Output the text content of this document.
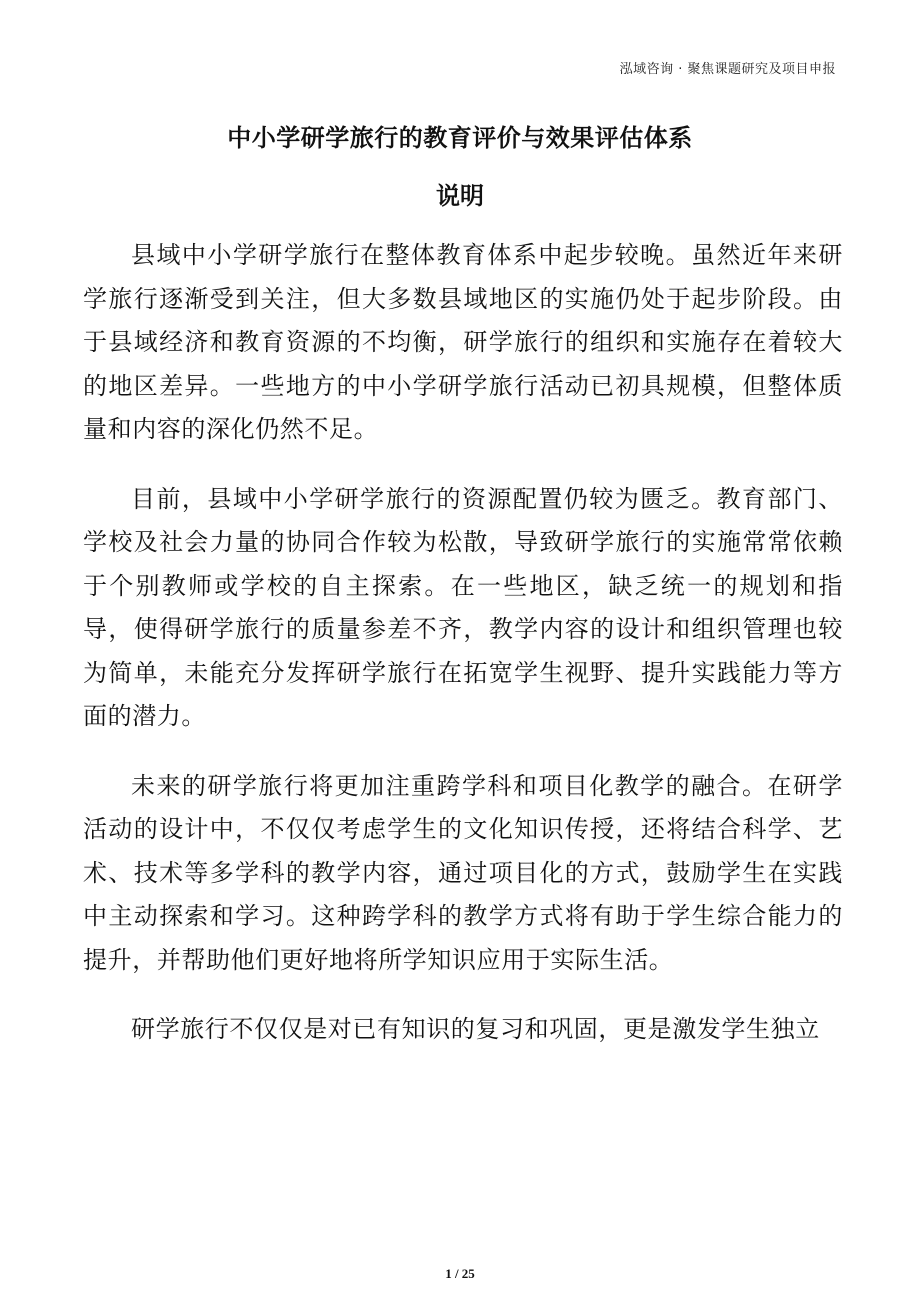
泓域咨询 · 聚焦课题研究及项目申报
中小学研学旅行的教育评价与效果评估体系
说明

县域中小学研学旅行在整体教育体系中起步较晚。虽然近年来研学旅行逐渐受到关注，但大多数县域地区的实施仍处于起步阶段。由于县域经济和教育资源的不均衡，研学旅行的组织和实施存在着较大的地区差异。一些地方的中小学研学旅行活动已初具规模，但整体质量和内容的深化仍然不足。

目前，县域中小学研学旅行的资源配置仍较为匮乏。教育部门、学校及社会力量的协同合作较为松散，导致研学旅行的实施常常依赖于个别教师或学校的自主探索。在一些地区，缺乏统一的规划和指导，使得研学旅行的质量参差不齐，教学内容的设计和组织管理也较为简单，未能充分发挥研学旅行在拓宽学生视野、提升实践能力等方面的潜力。

未来的研学旅行将更加注重跨学科和项目化教学的融合。在研学活动的设计中，不仅仅考虑学生的文化知识传授，还将结合科学、艺术、技术等多学科的教学内容，通过项目化的方式，鼓励学生在实践中主动探索和学习。这种跨学科的教学方式将有助于学生综合能力的提升，并帮助他们更好地将所学知识应用于实际生活。

研学旅行不仅仅是对已有知识的复习和巩固，更是激发学生独立

1 / 25
